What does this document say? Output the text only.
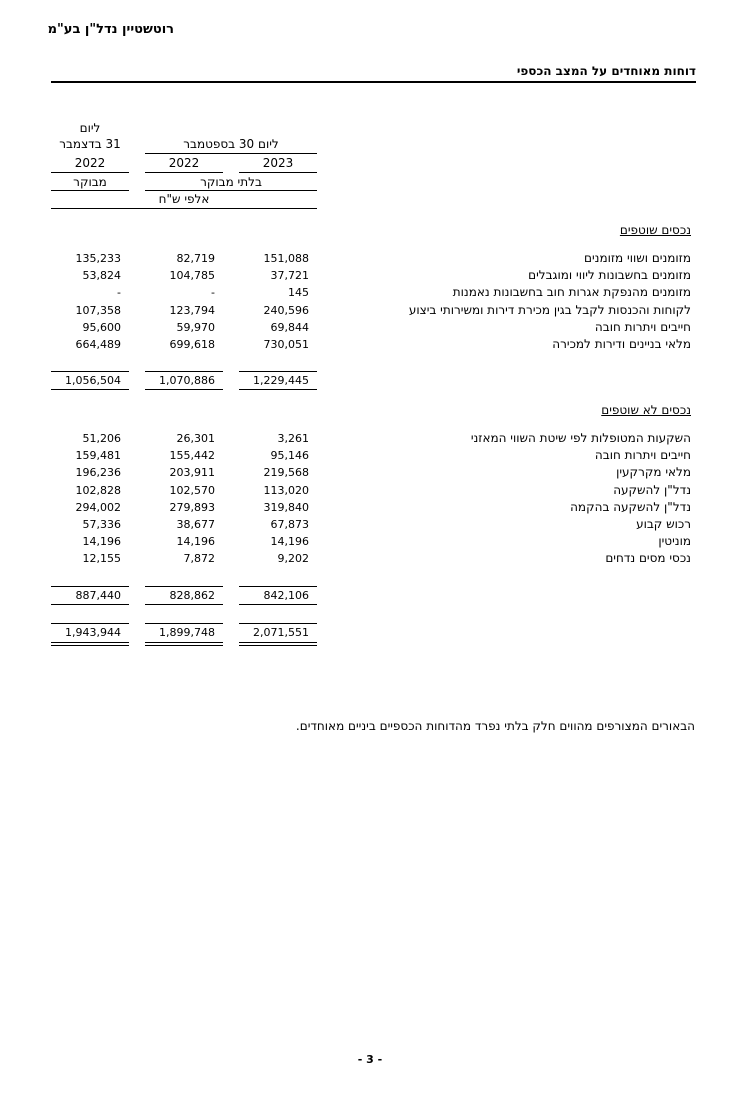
רוטשטיין נדל"ן בע"מ
דוחות מאוחדים על המצב הכספי
ליום
31 בדצמבר	ליום 30 בספטמבר
2023
2022
2022
בלתי מבוקר
מבוקר
אלפי ש"ח
נכסים שוטפים
מזומנים ושווי מזומנים
151,088
82,719
135,233
מזומנים בחשבונות ליווי ומוגבלים
37,721
104,785
53,824
מזומנים מהנפקת אגרות חוב בחשבונות נאמנות
145
-
-
לקוחות והכנסות לקבל בגין מכירת דירות ומשירותי ביצוע
240,596
123,794
107,358
חייבים ויתרות חובה
69,844
59,970
95,600
מלאי בניינים ודירות למכירה
730,051
699,618
664,489
1,229,445
1,070,886
1,056,504
נכסים לא שוטפים
השקעות המטופלות לפי שיטת השווי המאזני
3,261
26,301
51,206
חייבים ויתרות חובה
95,146
155,442
159,481
מלאי מקרקעין
219,568
203,911
196,236
נדל"ן להשקעה
113,020
102,570
102,828
נדל"ן להשקעה בהקמה
319,840
279,893
294,002
רכוש קבוע
67,873
38,677
57,336
מוניטין
14,196
14,196
14,196
נכסי מסים נדחים
9,202
7,872
12,155
842,106
828,862
887,440
2,071,551
1,899,748
1,943,944
הבאורים המצורפים מהווים חלק בלתי נפרד מהדוחות הכספיים ביניים מאוחדים.
- 3 -
